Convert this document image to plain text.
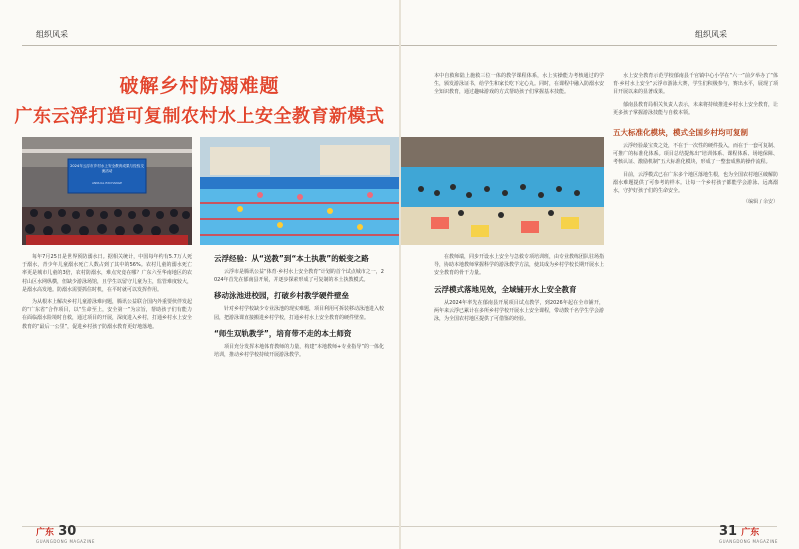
组织风采
破解乡村防溺难题
广东云浮打造可复制农村水上安全教育新模式
2024年云浮市乡村水上安全教育成果与经验交流活动
ANNUAL EXCHANGE

每年7月25日是世界预防溺水日。据相关统计，中国每年约有5.7万人死于溺水，青少年儿童溺水死亡人数占到了其中的56%。农村儿童的溺水死亡率更是城市儿童的3倍，农村防溺水，难点究竟在哪？广东六至华南地区的农村山区水网纵横，但缺少游泳场馆，且学生以留守儿童为主，监管难度较大，是溺水高发地。防溺水需要抓住时机，在平时就可以发挥作用。

为从根本上解决乡村儿童游泳难问题，腾讯公益联合国内外重要伙伴发起的“广东省”合作项目，以“生命至上，安全第一”为宗旨，帮助孩子们有能力在面临溺水险境时自救，通过项目的开展，深度进入乡村，打通乡村水上安全教育的“最后一公里”，促进乡村孩子防溺水教育更好地落地。

云浮经验：从“送教”到“本土执教”的蜕变之路

云浮市是腾讯公益“体育·乡村水上安全教育”计划的首个试点城市之一，2024年首先在郁南县开展，并逐步探索形成了可复制的本土执教模式。

移动泳池进校园，打破乡村教学硬件壁垒

针对乡村学校缺少专业泳池的现实难题，项目利用可拆装移动泳池进入校园，把游泳课直接搬进乡村学校，打通乡村水上安全教育的硬件壁垒。

“师生双轨教学”，培育带不走的本土师资

项目充分发挥本地体育教师的力量，构建“本地教师+专业指导”的一体化培训，推动乡村学校持续开展游泳教学。

广东 30
GUANGDONG MAGAZINE
组织风采

本中自救和陆上施救三位一体的教学课程体系，水上实操能力考核通过的学生，颁发游泳证书，给学生和家长吃下定心丸。同时，在课程中融入防溺水安全知识教育，通过趣味游戏的方式帮助孩子们掌握基本技能。

在教师端，同步开设水上安全与急救专项培训班，由专业教练团队驻场指导，协助本地教师掌握科学的游泳教学方法，使其成为乡村学校长期开展水上安全教育的骨干力量。

云浮模式落地见效，全域铺开水上安全教育

从2024年率先在郁南县开展项目试点教学，到2026年起在全市铺开，两年来云浮已累计在多所乡村学校开展水上安全课程，带动数千名学生学会游泳，为全国农村地区提供了可借鉴的经验。

水上安全教育示范学校郁南县千官镇中心小学在“六一”前夕举办了“体育·乡村水上安全”云浮市游泳大赛，学生们积极参与，赛出水平，展现了项目开展以来的显著成果。

郁南县教育局相关负责人表示，未来将持续推进乡村水上安全教育，让更多孩子掌握游泳技能与自救本领。

五大标准化模块，模式全国乡村均可复制

云浮经验最宝贵之处，不在于一次性的硬件投入，而在于一套可复制、可推广的标准化体系。项目总结提炼出“培训体系、课程体系、场地保障、考核认证、激励机制”五大标准化模块，形成了一整套成熟的操作流程。

目前，云浮模式已在广东多个地区落地生根，也为全国农村地区破解防溺水难题提供了可参考的样本。让每一个乡村孩子都能学会游泳、远离溺水，守护好孩子们的生命安全。

（编辑 / 余安）
31 广东
GUANGDONG MAGAZINE
